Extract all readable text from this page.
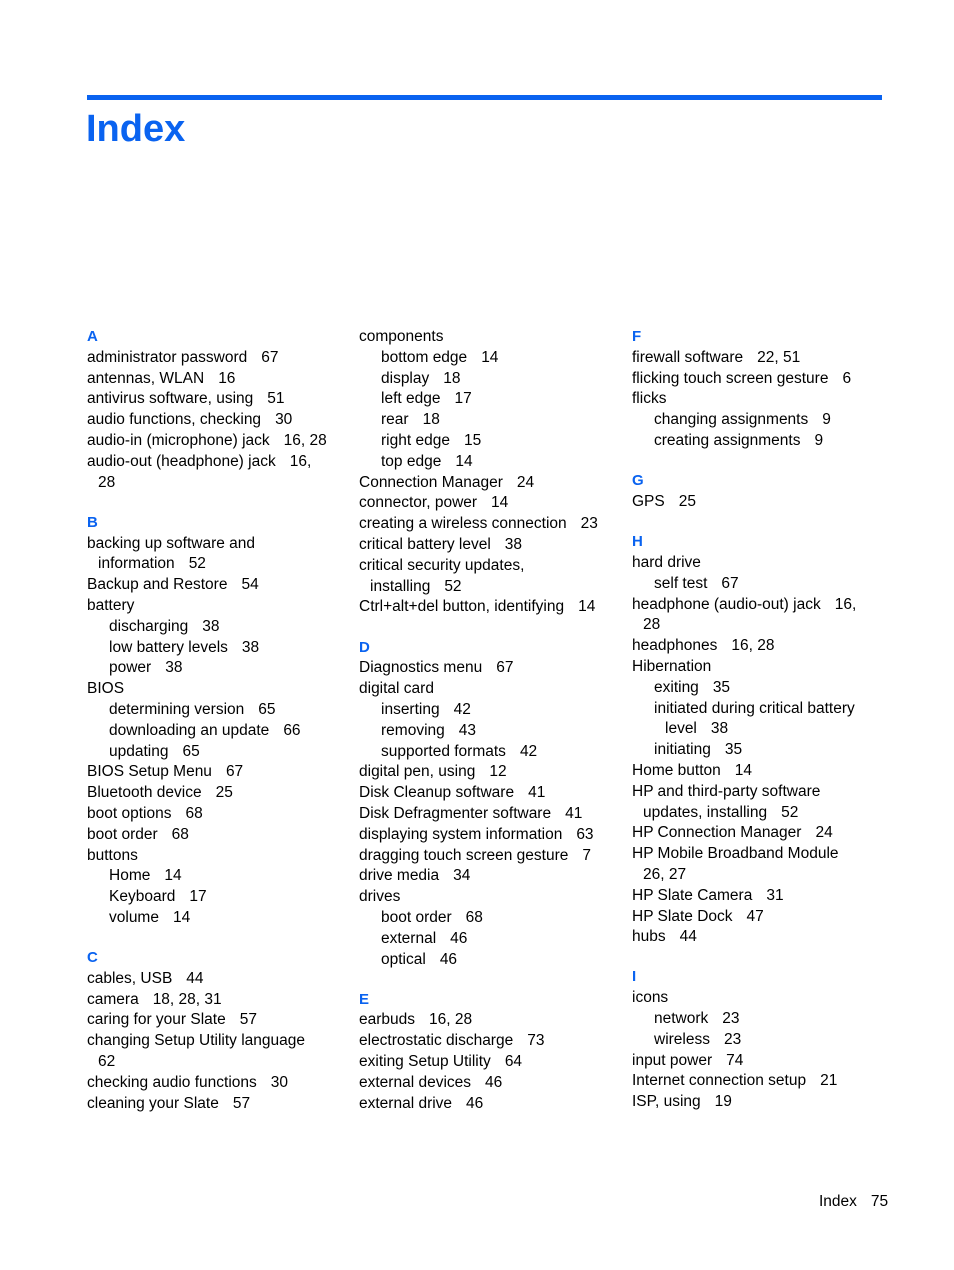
Index
A
administrator password 67
antennas, WLAN 16
antivirus software, using 51
audio functions, checking 30
audio-in (microphone) jack 16, 28
audio-out (headphone) jack 16,
28
B
backing up software and
information 52
Backup and Restore 54
battery
discharging 38
low battery levels 38
power 38
BIOS
determining version 65
downloading an update 66
updating 65
BIOS Setup Menu 67
Bluetooth device 25
boot options 68
boot order 68
buttons
Home 14
Keyboard 17
volume 14
C
cables, USB 44
camera 18, 28, 31
caring for your Slate 57
changing Setup Utility language
62
checking audio functions 30
cleaning your Slate 57
components
bottom edge 14
display 18
left edge 17
rear 18
right edge 15
top edge 14
Connection Manager 24
connector, power 14
creating a wireless connection 23
critical battery level 38
critical security updates,
installing 52
Ctrl+alt+del button, identifying 14
D
Diagnostics menu 67
digital card
inserting 42
removing 43
supported formats 42
digital pen, using 12
Disk Cleanup software 41
Disk Defragmenter software 41
displaying system information 63
dragging touch screen gesture 7
drive media 34
drives
boot order 68
external 46
optical 46
E
earbuds 16, 28
electrostatic discharge 73
exiting Setup Utility 64
external devices 46
external drive 46
F
firewall software 22, 51
flicking touch screen gesture 6
flicks
changing assignments 9
creating assignments 9
G
GPS 25
H
hard drive
self test 67
headphone (audio-out) jack 16,
28
headphones 16, 28
Hibernation
exiting 35
initiated during critical battery
level 38
initiating 35
Home button 14
HP and third-party software
updates, installing 52
HP Connection Manager 24
HP Mobile Broadband Module
26, 27
HP Slate Camera 31
HP Slate Dock 47
hubs 44
I
icons
network 23
wireless 23
input power 74
Internet connection setup 21
ISP, using 19
Index 75
